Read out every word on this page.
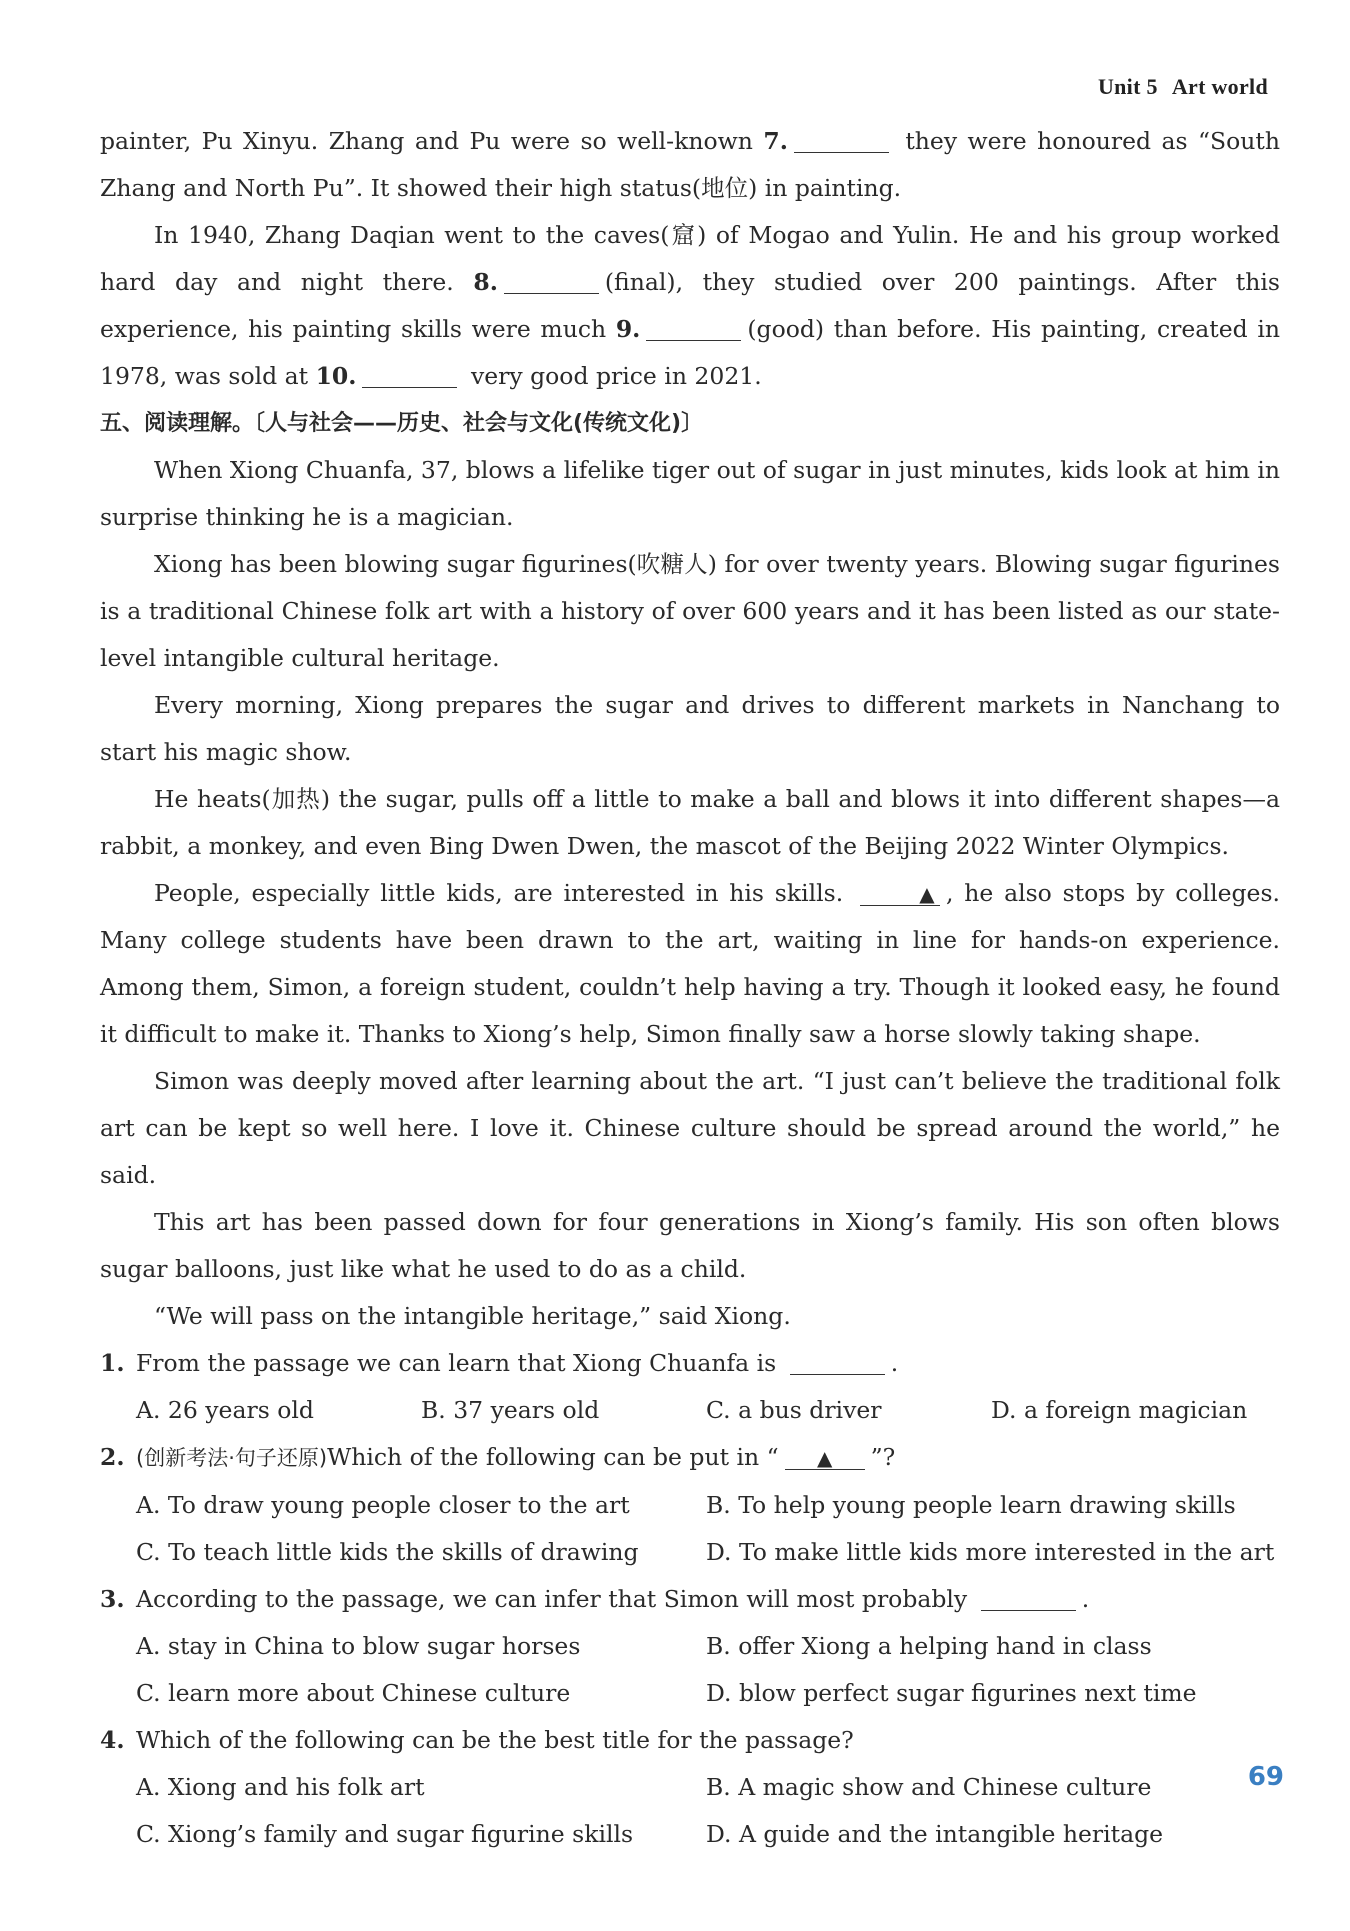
Unit 5 Art world

painter, Pu Xinyu. Zhang and Pu were so well-known 7.	they were honoured as “South Zhang and North Pu”. It showed their high status(地位) in painting.

In 1940, Zhang Daqian went to the caves(窟) of Mogao and Yulin. He and his group worked hard day and night there. 8.	(final), they studied over 200 paintings. After this experience, his painting skills were much 9.	(good) than before. His painting, created in 1978, was sold at 10.	very good price in 2021.

五、阅读理解。〔人与社会——历史、社会与文化(传统文化)〕

When Xiong Chuanfa, 37, blows a lifelike tiger out of sugar in just minutes, kids look at him in surprise thinking he is a magician.

Xiong has been blowing sugar figurines(吹糖人) for over twenty years. Blowing sugar figurines is a traditional Chinese folk art with a history of over 600 years and it has been listed as our state-level intangible cultural heritage.

Every morning, Xiong prepares the sugar and drives to different markets in Nanchang to start his magic show.

He heats(加热) the sugar, pulls off a little to make a ball and blows it into different shapes—a rabbit, a monkey, and even Bing Dwen Dwen, the mascot of the Beijing 2022 Winter Olympics.

People, especially little kids, are interested in his skills.	▲ , he also stops by colleges. Many college students have been drawn to the art, waiting in line for hands-on experience. Among them, Simon, a foreign student, couldn’t help having a try. Though it looked easy, he found it difficult to make it. Thanks to Xiong’s help, Simon finally saw a horse slowly taking shape.

Simon was deeply moved after learning about the art. “I just can’t believe the traditional folk art can be kept so well here. I love it. Chinese culture should be spread around the world,” he said.

This art has been passed down for four generations in Xiong’s family. His son often blows sugar balloons, just like what he used to do as a child.

“We will pass on the intangible heritage,” said Xiong.

1. From the passage we can learn that Xiong Chuanfa is	.
A. 26 years old	B. 37 years old	C. a bus driver	D. a foreign magician
2. (创新考法·句子还原)Which of the following can be put in “ ▲ ”?
A. To draw young people closer to the art	B. To help young people learn drawing skills
C. To teach little kids the skills of drawing	D. To make little kids more interested in the art
3. According to the passage, we can infer that Simon will most probably	.
A. stay in China to blow sugar horses	B. offer Xiong a helping hand in class
C. learn more about Chinese culture	D. blow perfect sugar figurines next time
4. Which of the following can be the best title for the passage?
A. Xiong and his folk art	B. A magic show and Chinese culture
C. Xiong’s family and sugar figurine skills	D. A guide and the intangible heritage
69
